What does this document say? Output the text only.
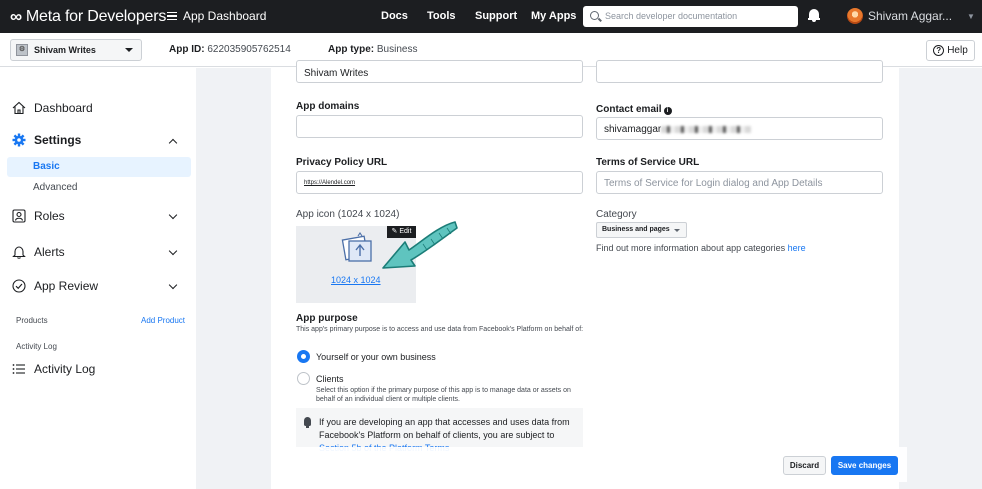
∞ Meta for Developers App Dashboard	Docs Tools Support My Apps	Search developer documentation	Shivam Aggar... ▼
⚙ Shivam Writes	App ID: 622035905762514	App type: Business	? Help
Dashboard
Settings
Basic
Advanced
Roles
Alerts
App Review
Products	Add Product
Activity Log
Activity Log
Shivam Writes
App domains	Contact email i
shivamaggar
Privacy Policy URL
https://Alendel.com
Terms of Service URL
Terms of Service for Login dialog and App Details
App icon (1024 x 1024)
✎ Edit
1024 x 1024
Category
Business and pages
Find out more information about app categories here
App purpose
This app's primary purpose is to access and use data from Facebook's Platform on behalf of:
Yourself or your own business
Clients
Select this option if the primary purpose of this app is to manage data or assets on behalf of an individual client or multiple clients.
If you are developing an app that accesses and uses data from Facebook's Platform on behalf of clients, you are subject to
Discard	Save changes
